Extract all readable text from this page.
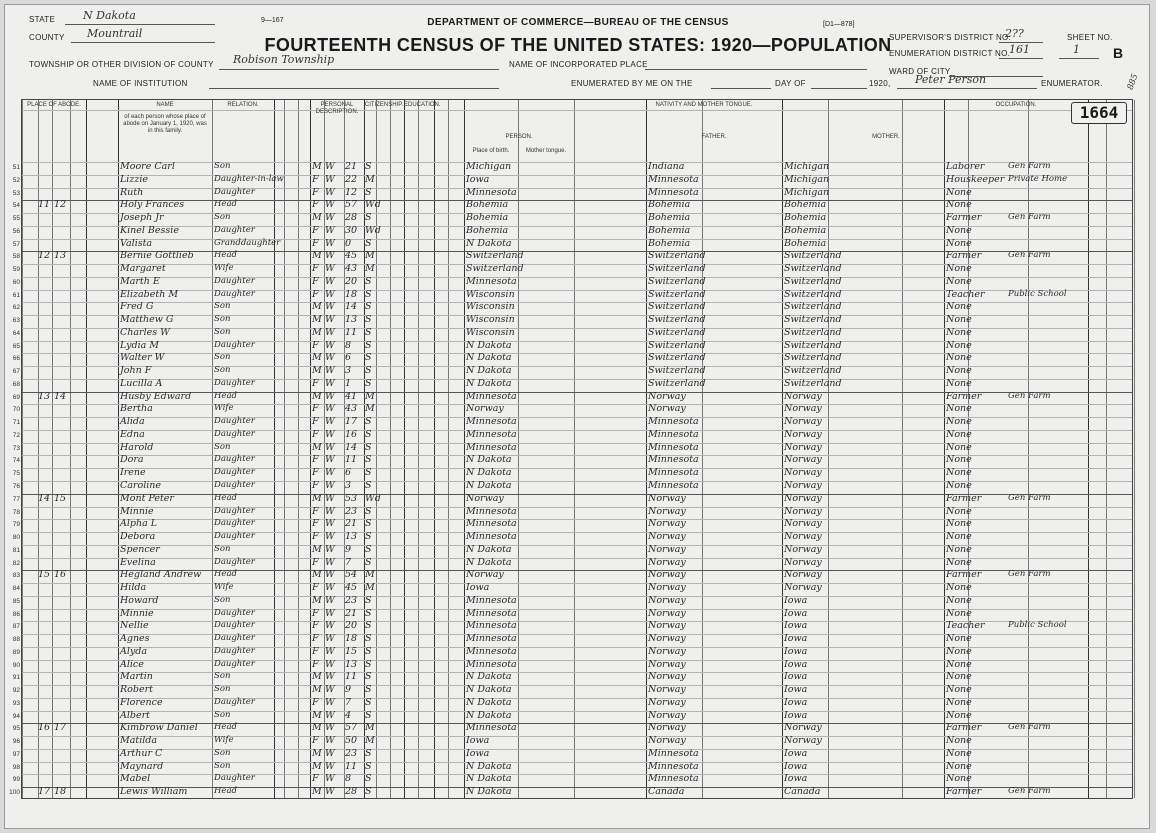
STATE	N Dakota
COUNTY Mountrail
TOWNSHIP OR OTHER DIVISION OF COUNTY Robison Township
NAME OF INSTITUTION
9—167	DEPARTMENT OF COMMERCE—BUREAU OF THE CENSUS
FOURTEENTH CENSUS OF THE UNITED STATES: 1920—POPULATION
[D1—878]
NAME OF INCORPORATED PLACE
ENUMERATED BY ME ON THE	DAY OF	1920, Peter Person	ENUMERATOR.
SUPERVISOR'S DISTRICT NO.
2??
ENUMERATION DISTRICT NO.
161
WARD OF CITY
SHEET NO.
1 B
885
PLACE OF ABODE.	NAME	RELATION.	PERSONAL DESCRIPTION.
CITIZENSHIP. EDUCATION.	NATIVITY AND MOTHER TONGUE.	OCCUPATION.
of each person whose place of abode on January 1, 1920, was in this family.
PERSON.	FATHER.	MOTHER.
Place of birth.	Mother tongue.
51	Moore Carl	Son	M W	21 S	Michigan	Indiana	Michigan	Laborer	Gen Farm
52	Lizzie	Daughter-in-law	F W	22 M	Iowa	Minnesota	Michigan	Houskeeper Private Home
53	Ruth	Daughter	F W	12 S	Minnesota	Minnesota	Michigan	None
54 11 12	Holy Frances	Head	F W	57 Wd	Bohemia	Bohemia	Bohemia	None
55	Joseph Jr	Son	M W	28 S	Bohemia	Bohemia	Bohemia	Farmer	Gen Farm
56	Kinel Bessie	Daughter	F W	30 Wd	Bohemia	Bohemia	Bohemia	None
57	Valista	Granddaughter	F W	0	S	N Dakota	Bohemia	Bohemia	None
58 12 13	Bernie Gottlieb	Head	M W	45 M	Switzerland	Switzerland	Switzerland	Farmer	Gen Farm
59	Margaret	Wife	F W	43 M	Switzerland	Switzerland	Switzerland	None
60	Marth E	Daughter	F W	20 S	Minnesota	Switzerland	Switzerland	None
61	Elizabeth M	Daughter	F W	18 S	Wisconsin	Switzerland	Switzerland	Teacher	Public School
62	Fred G	Son	M W	14 S	Wisconsin	Switzerland	Switzerland	None
63	Matthew G	Son	M W	13 S	Wisconsin	Switzerland	Switzerland	None
64	Charles W	Son	M W	11 S	Wisconsin	Switzerland	Switzerland	None
65	Lydia M	Daughter	F W	8	S	N Dakota	Switzerland	Switzerland	None
66	Walter W	Son	M W	6	S	N Dakota	Switzerland	Switzerland	None
67	John F	Son	M W	3	S	N Dakota	Switzerland	Switzerland	None
68	Lucilla A	Daughter	F W	1	S	N Dakota	Switzerland	Switzerland	None
69 13 14	Husby Edward	Head	M W	41 M	Minnesota	Norway	Norway	Farmer	Gen Farm
70	Bertha	Wife	F W	43 M	Norway	Norway	Norway	None
71	Alida	Daughter	F W	17 S	Minnesota	Minnesota	Norway	None
72	Edna	Daughter	F W	16 S	Minnesota	Minnesota	Norway	None
73	Harold	Son	M W	14 S	Minnesota	Minnesota	Norway	None
74	Dora	Daughter	F W	11 S	N Dakota	Minnesota	Norway	None
75	Irene	Daughter	F W	6	S	N Dakota	Minnesota	Norway	None
76	Caroline	Daughter	F W	3	S	N Dakota	Minnesota	Norway	None
77 14 15	Mont Peter	Head	M W	53 Wd	Norway	Norway	Norway	Farmer	Gen Farm
78	Minnie	Daughter	F W	23 S	Minnesota	Norway	Norway	None
79	Alpha L	Daughter	F W	21 S	Minnesota	Norway	Norway	None
80	Debora	Daughter	F W	13 S	Minnesota	Norway	Norway	None
81	Spencer	Son	M W	9	S	N Dakota	Norway	Norway	None
82	Evelina	Daughter	F W	7	S	N Dakota	Norway	Norway	None
83 15 16	Hegland Andrew	Head	M W	54 M	Norway	Norway	Norway	Farmer	Gen Farm
84	Hilda	Wife	F W	45 M	Iowa	Norway	Norway	None
85	Howard	Son	M W	23 S	Minnesota	Norway	Iowa	None
86	Minnie	Daughter	F W	21 S	Minnesota	Norway	Iowa	None
87	Nellie	Daughter	F W	20 S	Minnesota	Norway	Iowa	Teacher	Public School
88	Agnes	Daughter	F W	18 S	Minnesota	Norway	Iowa	None
89	Alyda	Daughter	F W	15 S	Minnesota	Norway	Iowa	None
90	Alice	Daughter	F W	13 S	Minnesota	Norway	Iowa	None
91	Martin	Son	M W	11 S	N Dakota	Norway	Iowa	None
92	Robert	Son	M W	9	S	N Dakota	Norway	Iowa	None
93	Florence	Daughter	F W	7	S	N Dakota	Norway	Iowa	None
94	Albert	Son	M W	4	S	N Dakota	Norway	Iowa	None
95 16 17	Kimbrow Daniel	Head	M W	57 M	Minnesota	Norway	Norway	Farmer	Gen Farm
96	Matilda	Wife	F W	50 M	Iowa	Norway	Norway	None
97	Arthur C	Son	M W	23 S	Iowa	Minnesota	Iowa	None
98	Maynard	Son	M W	11 S	N Dakota	Minnesota	Iowa	None
99	Mabel	Daughter	F W	8	S	N Dakota	Minnesota	Iowa	None
100 17 18	Lewis William	Head	M W	28 S	N Dakota	Canada	Canada	Farmer	Gen Farm
1664
